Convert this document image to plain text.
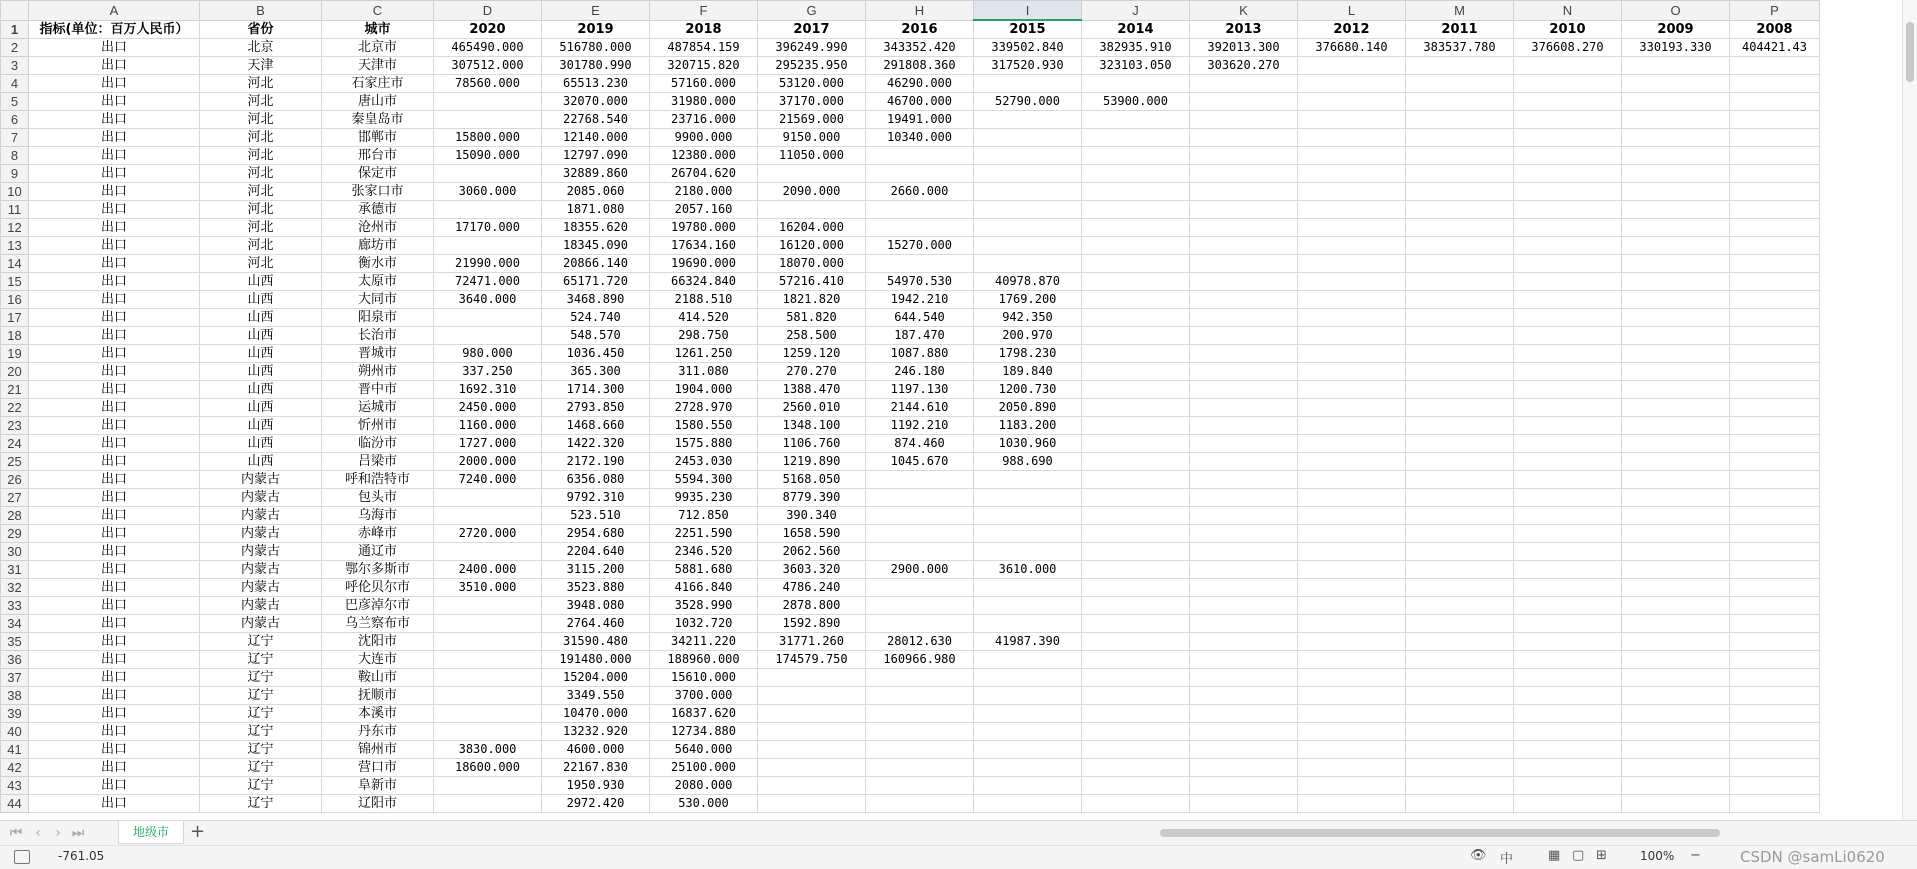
	A	B	C	D	E	F	G	H	I	J	K	L	M	N	O	P
1	指标(单位：百万人民币）	省份	城市	2020	2019	2018	2017	2016	2015	2014	2013	2012	2011	2010	2009	2008
2	出口	北京	北京市	465490.000	516780.000	487854.159	396249.990	343352.420	339502.840	382935.910	392013.300	376680.140	383537.780	376608.270	330193.330	404421.43
3	出口	天津	天津市	307512.000	301780.990	320715.820	295235.950	291808.360	317520.930	323103.050	303620.270					
4	出口	河北	石家庄市	78560.000	65513.230	57160.000	53120.000	46290.000								
5	出口	河北	唐山市		32070.000	31980.000	37170.000	46700.000	52790.000	53900.000						
6	出口	河北	秦皇岛市		22768.540	23716.000	21569.000	19491.000								
7	出口	河北	邯郸市	15800.000	12140.000	9900.000	9150.000	10340.000								
8	出口	河北	邢台市	15090.000	12797.090	12380.000	11050.000									
9	出口	河北	保定市		32889.860	26704.620										
10	出口	河北	张家口市	3060.000	2085.060	2180.000	2090.000	2660.000								
11	出口	河北	承德市		1871.080	2057.160										
12	出口	河北	沧州市	17170.000	18355.620	19780.000	16204.000									
13	出口	河北	廊坊市		18345.090	17634.160	16120.000	15270.000								
14	出口	河北	衡水市	21990.000	20866.140	19690.000	18070.000									
15	出口	山西	太原市	72471.000	65171.720	66324.840	57216.410	54970.530	40978.870							
16	出口	山西	大同市	3640.000	3468.890	2188.510	1821.820	1942.210	1769.200							
17	出口	山西	阳泉市		524.740	414.520	581.820	644.540	942.350							
18	出口	山西	长治市		548.570	298.750	258.500	187.470	200.970							
19	出口	山西	晋城市	980.000	1036.450	1261.250	1259.120	1087.880	1798.230							
20	出口	山西	朔州市	337.250	365.300	311.080	270.270	246.180	189.840							
21	出口	山西	晋中市	1692.310	1714.300	1904.000	1388.470	1197.130	1200.730							
22	出口	山西	运城市	2450.000	2793.850	2728.970	2560.010	2144.610	2050.890							
23	出口	山西	忻州市	1160.000	1468.660	1580.550	1348.100	1192.210	1183.200							
24	出口	山西	临汾市	1727.000	1422.320	1575.880	1106.760	874.460	1030.960							
25	出口	山西	吕梁市	2000.000	2172.190	2453.030	1219.890	1045.670	988.690							
26	出口	内蒙古	呼和浩特市	7240.000	6356.080	5594.300	5168.050									
27	出口	内蒙古	包头市		9792.310	9935.230	8779.390									
28	出口	内蒙古	乌海市		523.510	712.850	390.340									
29	出口	内蒙古	赤峰市	2720.000	2954.680	2251.590	1658.590									
30	出口	内蒙古	通辽市		2204.640	2346.520	2062.560									
31	出口	内蒙古	鄂尔多斯市	2400.000	3115.200	5881.680	3603.320	2900.000	3610.000							
32	出口	内蒙古	呼伦贝尔市	3510.000	3523.880	4166.840	4786.240									
33	出口	内蒙古	巴彦淖尔市		3948.080	3528.990	2878.800									
34	出口	内蒙古	乌兰察布市		2764.460	1032.720	1592.890									
35	出口	辽宁	沈阳市		31590.480	34211.220	31771.260	28012.630	41987.390							
36	出口	辽宁	大连市		191480.000	188960.000	174579.750	160966.980								
37	出口	辽宁	鞍山市		15204.000	15610.000										
38	出口	辽宁	抚顺市		3349.550	3700.000										
39	出口	辽宁	本溪市		10470.000	16837.620										
40	出口	辽宁	丹东市		13232.920	12734.880										
41	出口	辽宁	锦州市	3830.000	4600.000	5640.000										
42	出口	辽宁	营口市	18600.000	22167.830	25100.000										
43	出口	辽宁	阜新市		1950.930	2080.000										
44	出口	辽宁	辽阳市		2972.420	530.000										
⏮ ‹	› ⏭	地级市	+
-761.05	👁 中	▦ ▢ ⊞	100% −	CSDN @samLi0620
